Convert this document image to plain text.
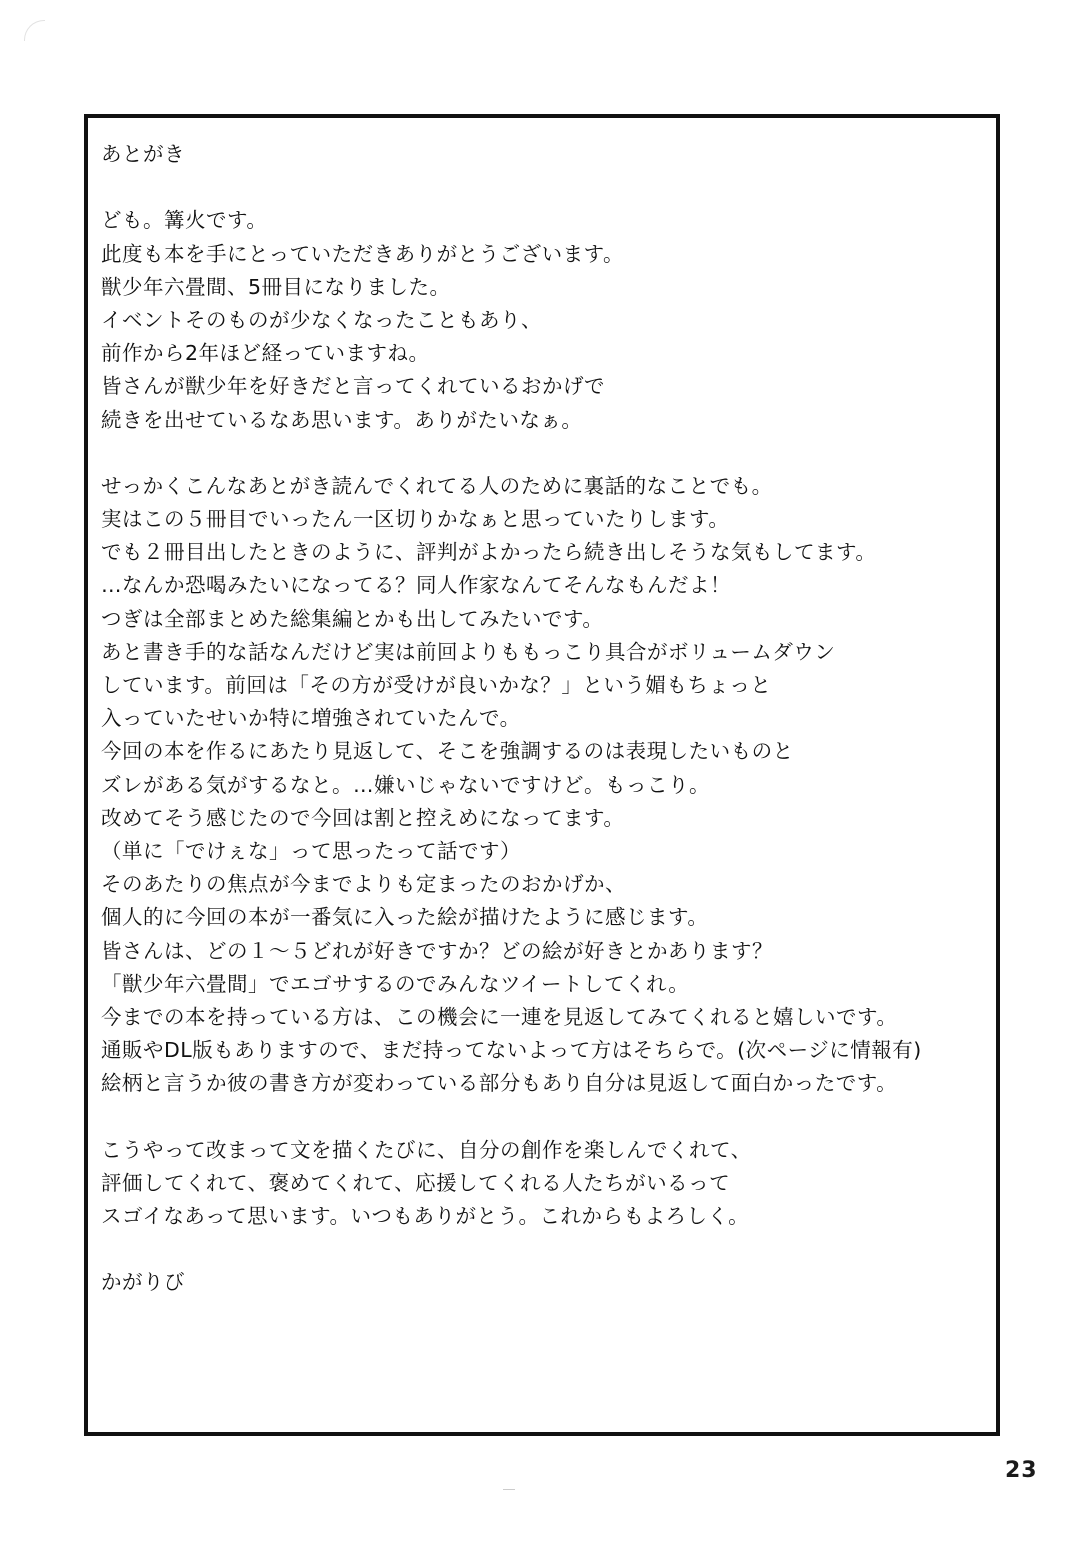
あとがき
ども。篝火です。
此度も本を手にとっていただきありがとうございます。
獣少年六畳間、5冊目になりました。
イベントそのものが少なくなったこともあり、
前作から2年ほど経っていますね。
皆さんが獣少年を好きだと言ってくれているおかげで
続きを出せているなあ思います。ありがたいなぁ。
せっかくこんなあとがき読んでくれてる人のために裏話的なことでも。
実はこの５冊目でいったん一区切りかなぁと思っていたりします。
でも２冊目出したときのように、評判がよかったら続き出しそうな気もしてます。
…なんか恐喝みたいになってる？同人作家なんてそんなもんだよ！
つぎは全部まとめた総集編とかも出してみたいです。
あと書き手的な話なんだけど実は前回よりももっこり具合がボリュームダウン
しています。前回は「その方が受けが良いかな？」という媚もちょっと
入っていたせいか特に増強されていたんで。
今回の本を作るにあたり見返して、そこを強調するのは表現したいものと
ズレがある気がするなと。…嫌いじゃないですけど。もっこり。
改めてそう感じたので今回は割と控えめになってます。
（単に「でけぇな」って思ったって話です）
そのあたりの焦点が今までよりも定まったのおかげか、
個人的に今回の本が一番気に入った絵が描けたように感じます。
皆さんは、どの１～５どれが好きですか？どの絵が好きとかあります？
「獣少年六畳間」でエゴサするのでみんなツイートしてくれ。
今までの本を持っている方は、この機会に一連を見返してみてくれると嬉しいです。
通販やDL版もありますので、まだ持ってないよって方はそちらで。(次ページに情報有)
絵柄と言うか彼の書き方が変わっている部分もあり自分は見返して面白かったです。
こうやって改まって文を描くたびに、自分の創作を楽しんでくれて、
評価してくれて、褒めてくれて、応援してくれる人たちがいるって
スゴイなあって思います。いつもありがとう。これからもよろしく。
かがりび
23
